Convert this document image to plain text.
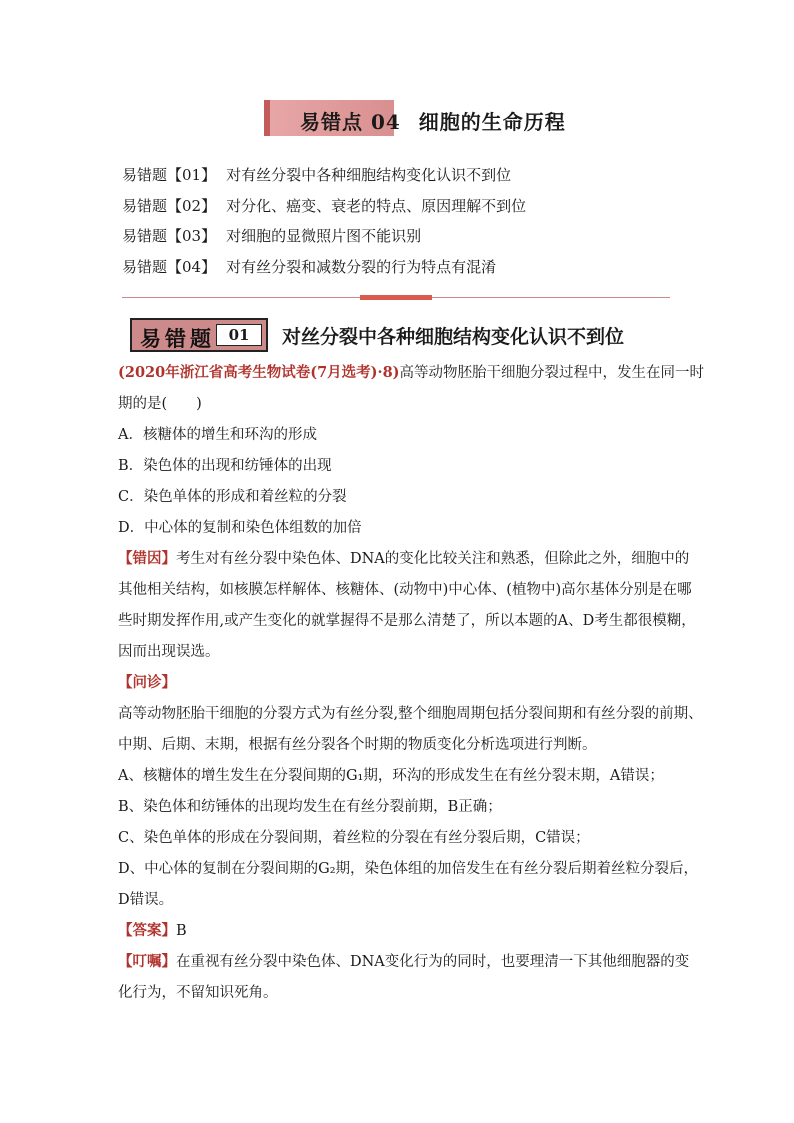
易错点 04 细胞的生命历程
易错题【01】 对有丝分裂中各种细胞结构变化认识不到位
易错题【02】 对分化、癌变、衰老的特点、原因理解不到位
易错题【03】 对细胞的显微照片图不能识别
易错题【04】 对有丝分裂和减数分裂的行为特点有混淆
易错题 01	对丝分裂中各种细胞结构变化认识不到位
(2020年浙江省高考生物试卷(7月选考)·8)高等动物胚胎干细胞分裂过程中，发生在同一时
期的是(　　)
A．核糖体的增生和环沟的形成
B．染色体的出现和纺锤体的出现
C．染色单体的形成和着丝粒的分裂
D．中心体的复制和染色体组数的加倍
【错因】考生对有丝分裂中染色体、DNA的变化比较关注和熟悉，但除此之外，细胞中的
其他相关结构，如核膜怎样解体、核糖体、(动物中)中心体、(植物中)高尔基体分别是在哪
些时期发挥作用,或产生变化的就掌握得不是那么清楚了，所以本题的A、D考生都很模糊，
因而出现误选。
【问诊】
高等动物胚胎干细胞的分裂方式为有丝分裂,整个细胞周期包括分裂间期和有丝分裂的前期、
中期、后期、末期，根据有丝分裂各个时期的物质变化分析选项进行判断。
A、核糖体的增生发生在分裂间期的G₁期，环沟的形成发生在有丝分裂末期，A错误；
B、染色体和纺锤体的出现均发生在有丝分裂前期，B正确；
C、染色单体的形成在分裂间期，着丝粒的分裂在有丝分裂后期，C错误；
D、中心体的复制在分裂间期的G₂期，染色体组的加倍发生在有丝分裂后期着丝粒分裂后，
D错误。
【答案】B
【叮嘱】在重视有丝分裂中染色体、DNA变化行为的同时，也要理清一下其他细胞器的变
化行为，不留知识死角。
